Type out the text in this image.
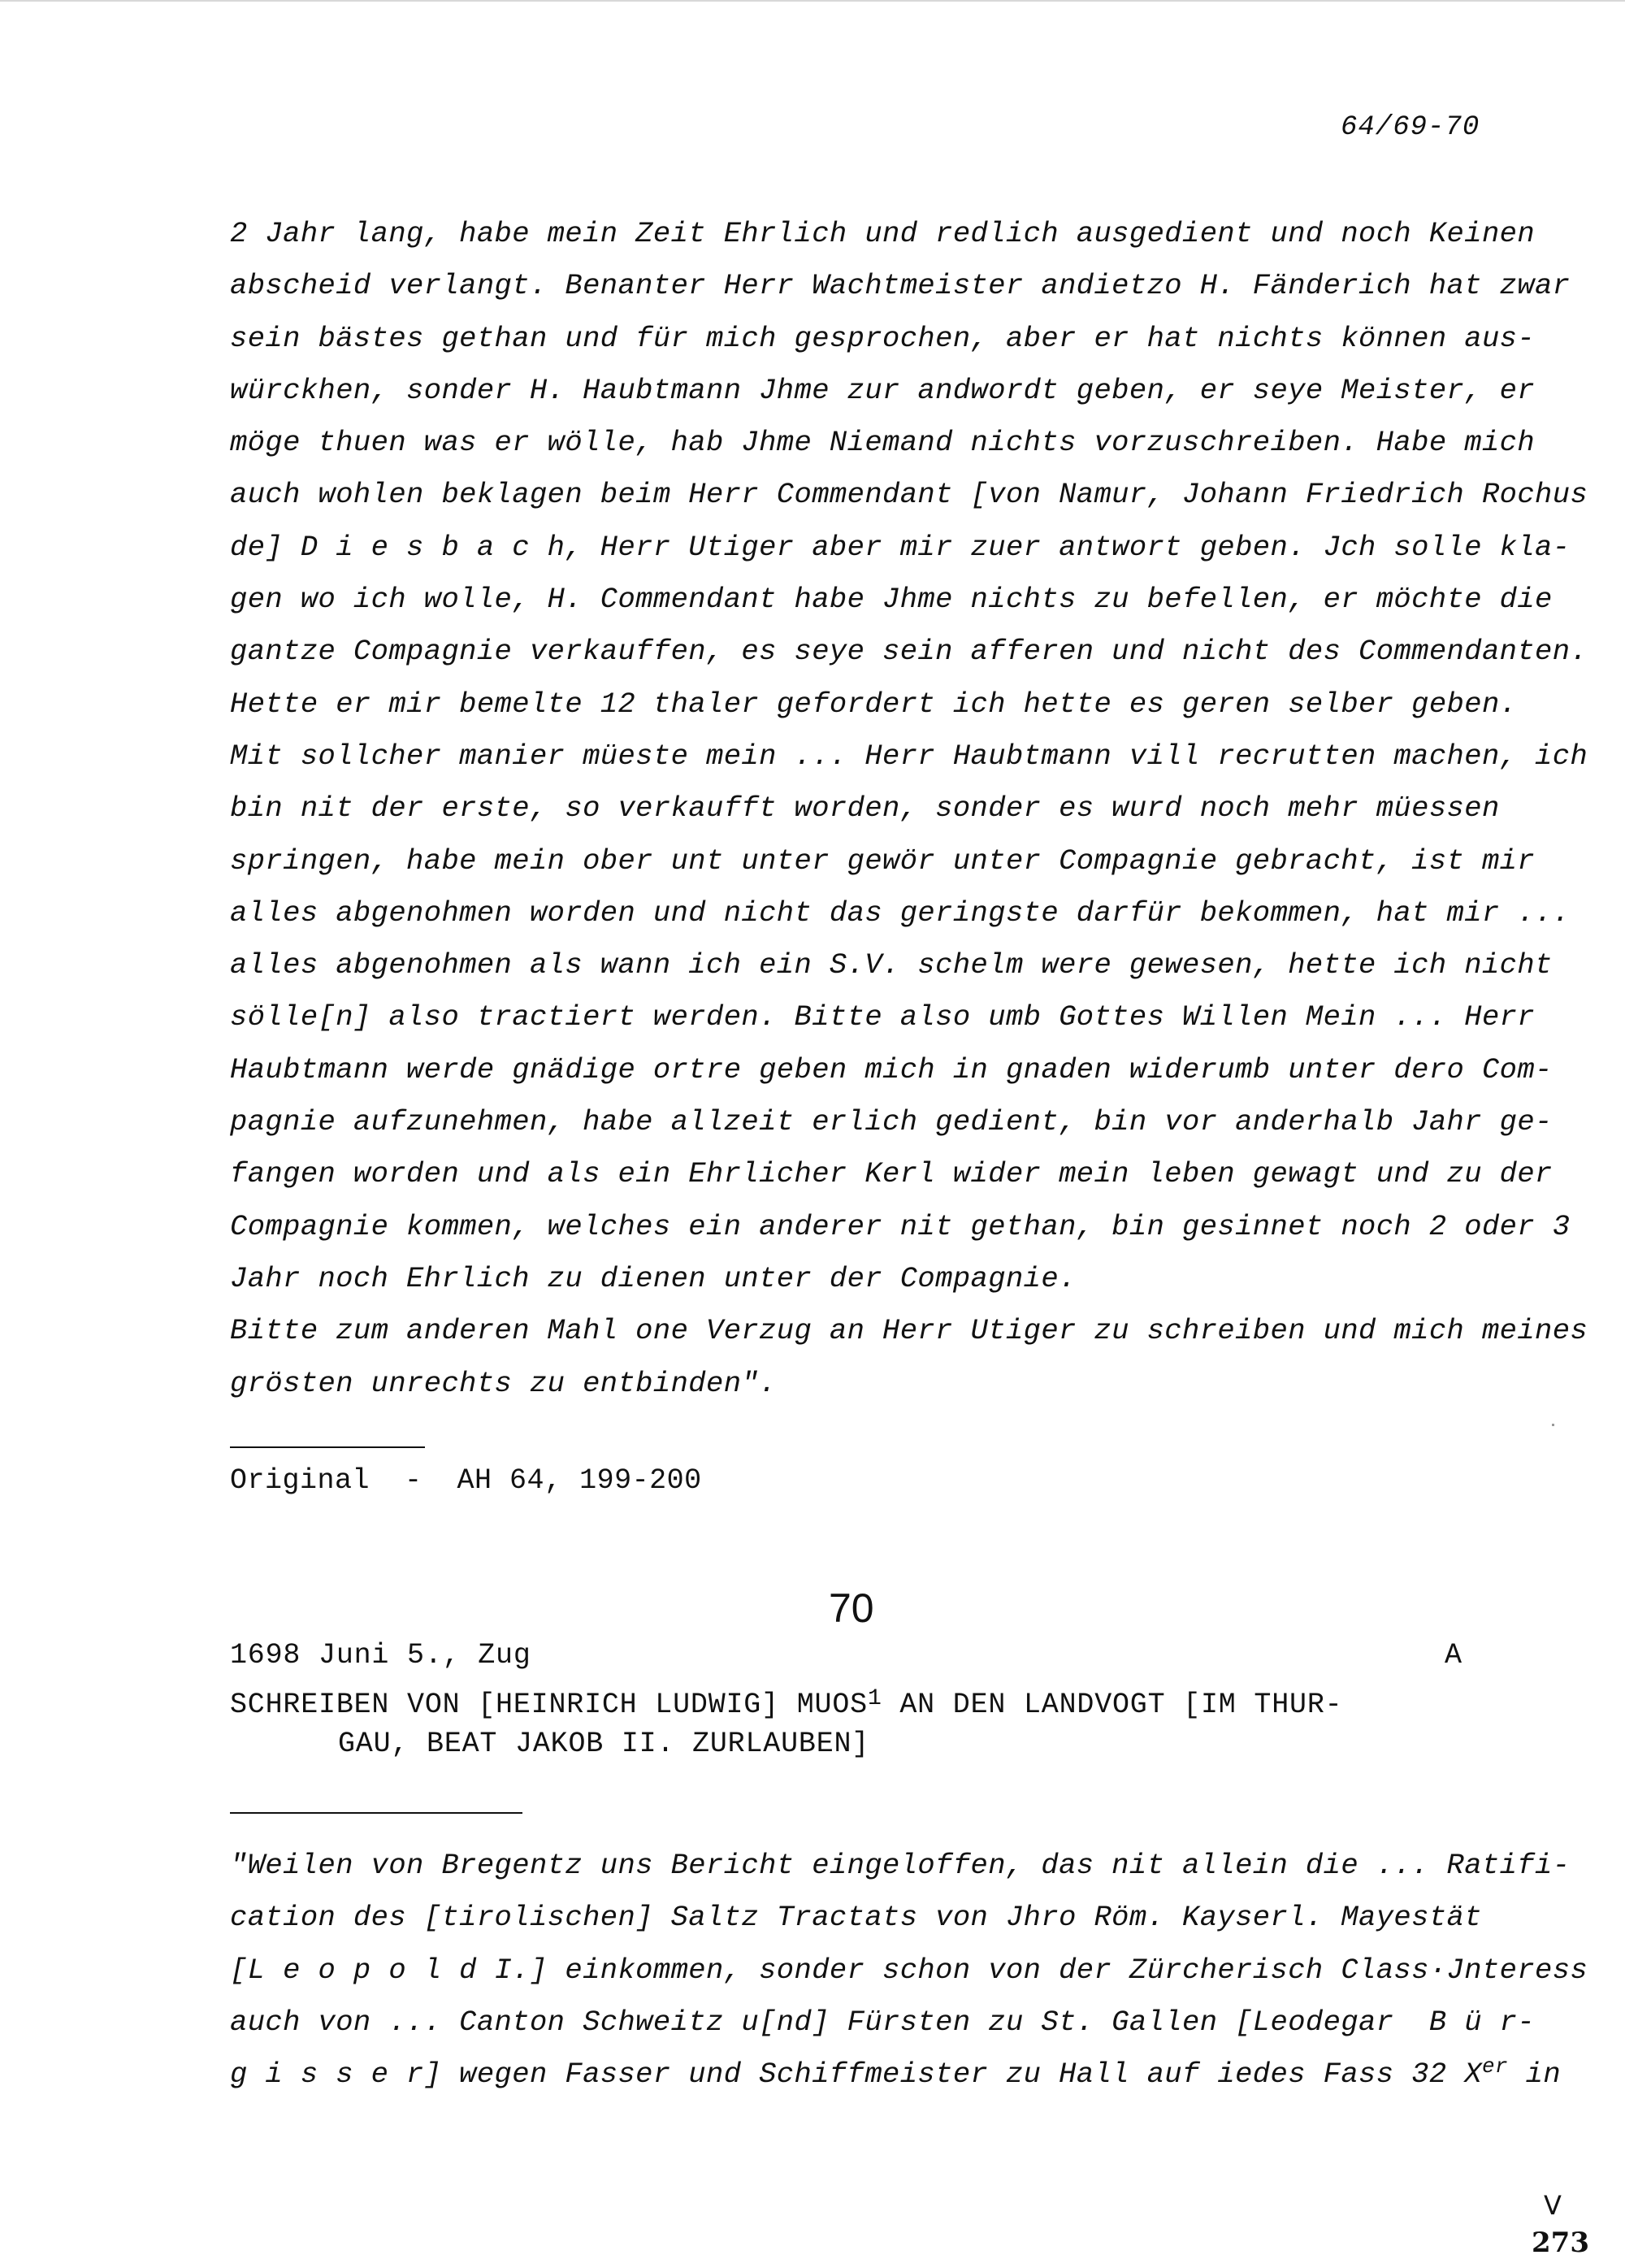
64/69-70
2 Jahr lang, habe mein Zeit Ehrlich und redlich ausgedient und noch Keinen
abscheid verlangt. Benanter Herr Wachtmeister andietzo H. Fänderich hat zwar
sein bästes gethan und für mich gesprochen, aber er hat nichts können aus-
würckhen, sonder H. Haubtmann Jhme zur andwordt geben, er seye Meister, er
möge thuen was er wölle, hab Jhme Niemand nichts vorzuschreiben. Habe mich
auch wohlen beklagen beim Herr Commendant [von Namur, Johann Friedrich Rochus
de] D i e s b a c h, Herr Utiger aber mir zuer antwort geben. Jch solle kla-
gen wo ich wolle, H. Commendant habe Jhme nichts zu befellen, er möchte die
gantze Compagnie verkauffen, es seye sein afferen und nicht des Commendanten.
Hette er mir bemelte 12 thaler gefordert ich hette es geren selber geben.
Mit sollcher manier müeste mein ... Herr Haubtmann vill recrutten machen, ich
bin nit der erste, so verkaufft worden, sonder es wurd noch mehr müessen
springen, habe mein ober unt unter gewör unter Compagnie gebracht, ist mir
alles abgenohmen worden und nicht das geringste darfür bekommen, hat mir ...
alles abgenohmen als wann ich ein S.V. schelm were gewesen, hette ich nicht
sölle[n] also tractiert werden. Bitte also umb Gottes Willen Mein ... Herr
Haubtmann werde gnädige ortre geben mich in gnaden widerumb unter dero Com-
pagnie aufzunehmen, habe allzeit erlich gedient, bin vor anderhalb Jahr ge-
fangen worden und als ein Ehrlicher Kerl wider mein leben gewagt und zu der
Compagnie kommen, welches ein anderer nit gethan, bin gesinnet noch 2 oder 3
Jahr noch Ehrlich zu dienen unter der Compagnie.
Bitte zum anderen Mahl one Verzug an Herr Utiger zu schreiben und mich meines
grösten unrechts zu entbinden".
Original  -  AH 64, 199-200
70
1698 Juni 5., Zug	A
SCHREIBEN VON [HEINRICH LUDWIG] MUOS$^1$ AN DEN LANDVOGT [IM THUR-
GAU, BEAT JAKOB II. ZURLAUBEN]
"Weilen von Bregentz uns Bericht eingeloffen, das nit allein die ... Ratifi-
cation des [tirolischen] Saltz Tractats von Jhro Röm. Kayserl. Mayestät
[L e o p o l d I.] einkommen, sonder schon von der Zürcherisch Class·Jnteress
auch von ... Canton Schweitz u[nd] Fürsten zu St. Gallen [Leodegar  B ü r-
g i s s e r] wegen Fasser und Schiffmeister zu Hall auf iedes Fass 32 Xer in
V
273
